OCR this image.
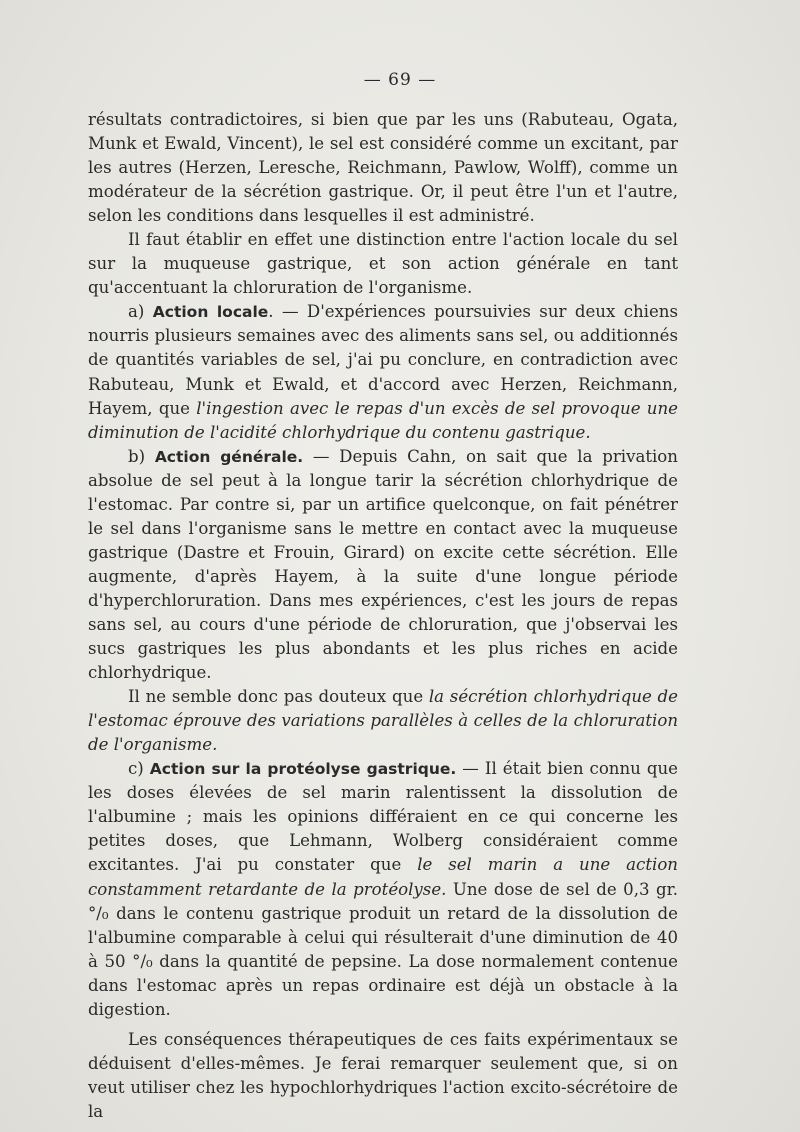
— 69 —

résultats contradictoires, si bien que par les uns (Rabuteau, Ogata, Munk et Ewald, Vincent), le sel est considéré comme un excitant, par les autres (Herzen, Leresche, Reichmann, Pawlow, Wolff), comme un modérateur de la sécrétion gastrique. Or, il peut être l'un et l'autre, selon les conditions dans lesquelles il est administré.

Il faut établir en effet une distinction entre l'action locale du sel sur la muqueuse gastrique, et son action générale en tant qu'accentuant la chloruration de l'organisme.

a) Action locale. — D'expériences poursuivies sur deux chiens nourris plusieurs semaines avec des aliments sans sel, ou additionnés de quantités variables de sel, j'ai pu conclure, en contradiction avec Rabuteau, Munk et Ewald, et d'accord avec Herzen, Reichmann, Hayem, que l'ingestion avec le repas d'un excès de sel provoque une diminution de l'acidité chlorhydrique du contenu gastrique.

b) Action générale. — Depuis Cahn, on sait que la privation absolue de sel peut à la longue tarir la sécrétion chlorhydrique de l'estomac. Par contre si, par un artifice quelconque, on fait pénétrer le sel dans l'organisme sans le mettre en contact avec la muqueuse gastrique (Dastre et Frouin, Girard) on excite cette sécrétion. Elle augmente, d'après Hayem, à la suite d'une longue période d'hyperchloruration. Dans mes expériences, c'est les jours de repas sans sel, au cours d'une période de chloruration, que j'observai les sucs gastriques les plus abondants et les plus riches en acide chlorhydrique.

Il ne semble donc pas douteux que la sécrétion chlorhydrique de l'estomac éprouve des variations parallèles à celles de la chloruration de l'organisme.

c) Action sur la protéolyse gastrique. — Il était bien connu que les doses élevées de sel marin ralentissent la dissolution de l'albumine ; mais les opinions différaient en ce qui concerne les petites doses, que Lehmann, Wolberg considéraient comme excitantes. J'ai pu constater que le sel marin a une action constamment retardante de la protéolyse. Une dose de sel de 0,3 gr. °/₀ dans le contenu gastrique produit un retard de la dissolution de l'albumine comparable à celui qui résulterait d'une diminution de 40 à 50 °/₀ dans la quantité de pepsine. La dose normalement contenue dans l'estomac après un repas ordinaire est déjà un obstacle à la digestion.

Les conséquences thérapeutiques de ces faits expérimentaux se déduisent d'elles-mêmes. Je ferai remarquer seulement que, si on veut utiliser chez les hypochlorhydriques l'action excito-sécrétoire de la
